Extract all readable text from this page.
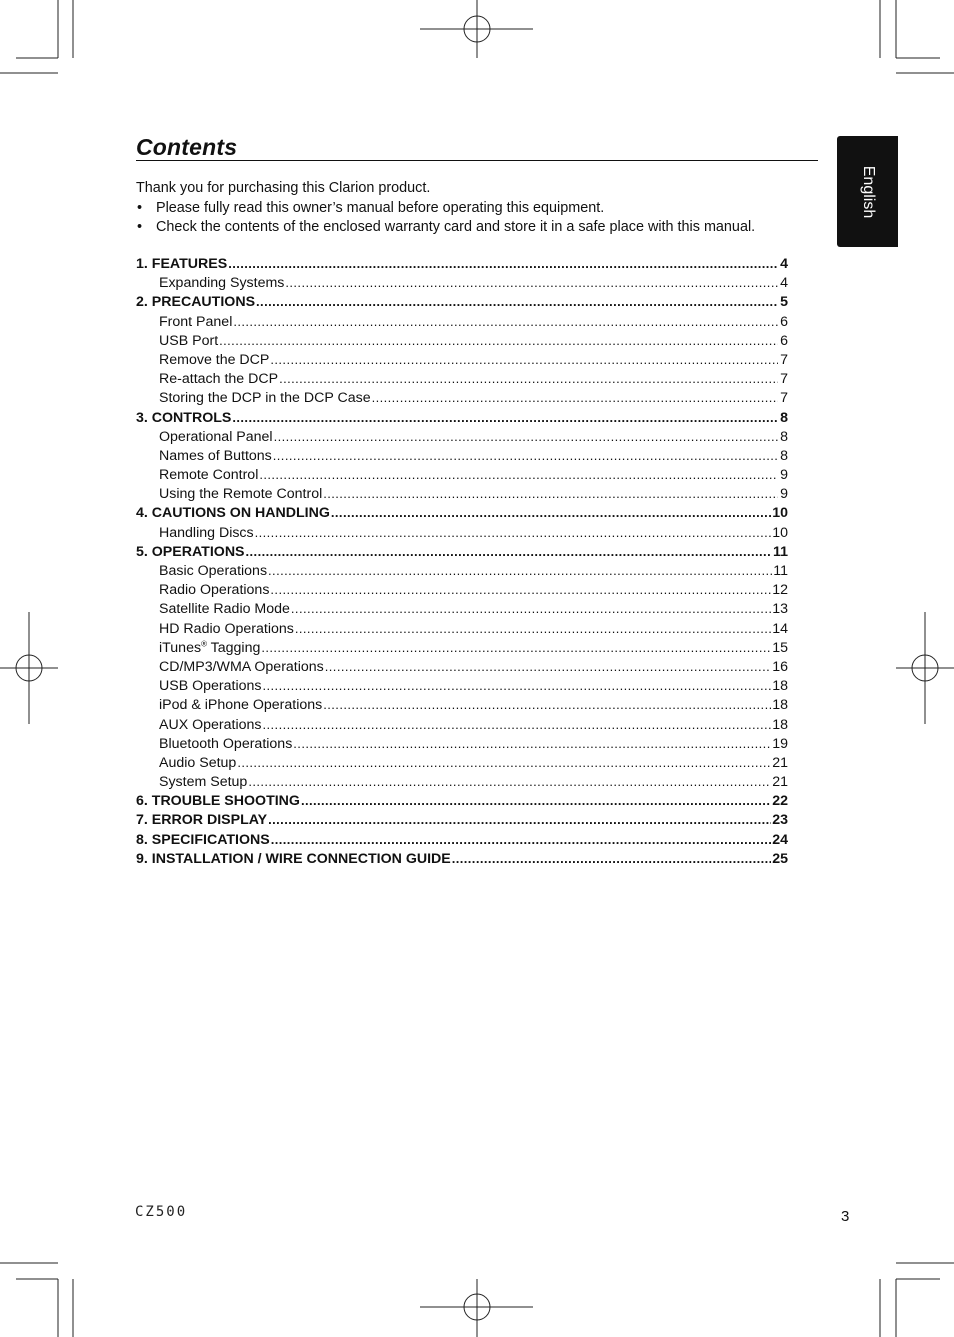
Contents
English

Thank you for purchasing this Clarion product.

• Please fully read this owner’s manual before operating this equipment.
• Check the contents of the enclosed warranty card and store it in a safe place with this manual.
1. FEATURES .....	4
Expanding Systems .....	4
2. PRECAUTIONS .....	5
Front Panel .....	6
USB Port .....	6
Remove the DCP .....	7
Re-attach the DCP .....	7
Storing the DCP in the DCP Case .....	7
3. CONTROLS .....	8
Operational Panel .....	8
Names of Buttons .....	8
Remote Control .....	9
Using the Remote Control .....	9
4. CAUTIONS ON HANDLING .....	10
Handling Discs .....	10
5. OPERATIONS .....	11
Basic Operations .....	11
Radio Operations .....	12
Satellite Radio Mode .....	13
HD Radio Operations .....	14
iTunes® Tagging .....	15
CD/MP3/WMA Operations .....	16
USB Operations .....	18
iPod & iPhone Operations .....	18
AUX Operations .....	18
Bluetooth Operations .....	19
Audio Setup .....	21
System Setup .....	21
6. TROUBLE SHOOTING .....	22
7. ERROR DISPLAY .....	23
8. SPECIFICATIONS .....	24
9. INSTALLATION / WIRE CONNECTION GUIDE .....	25
CZ500	3
